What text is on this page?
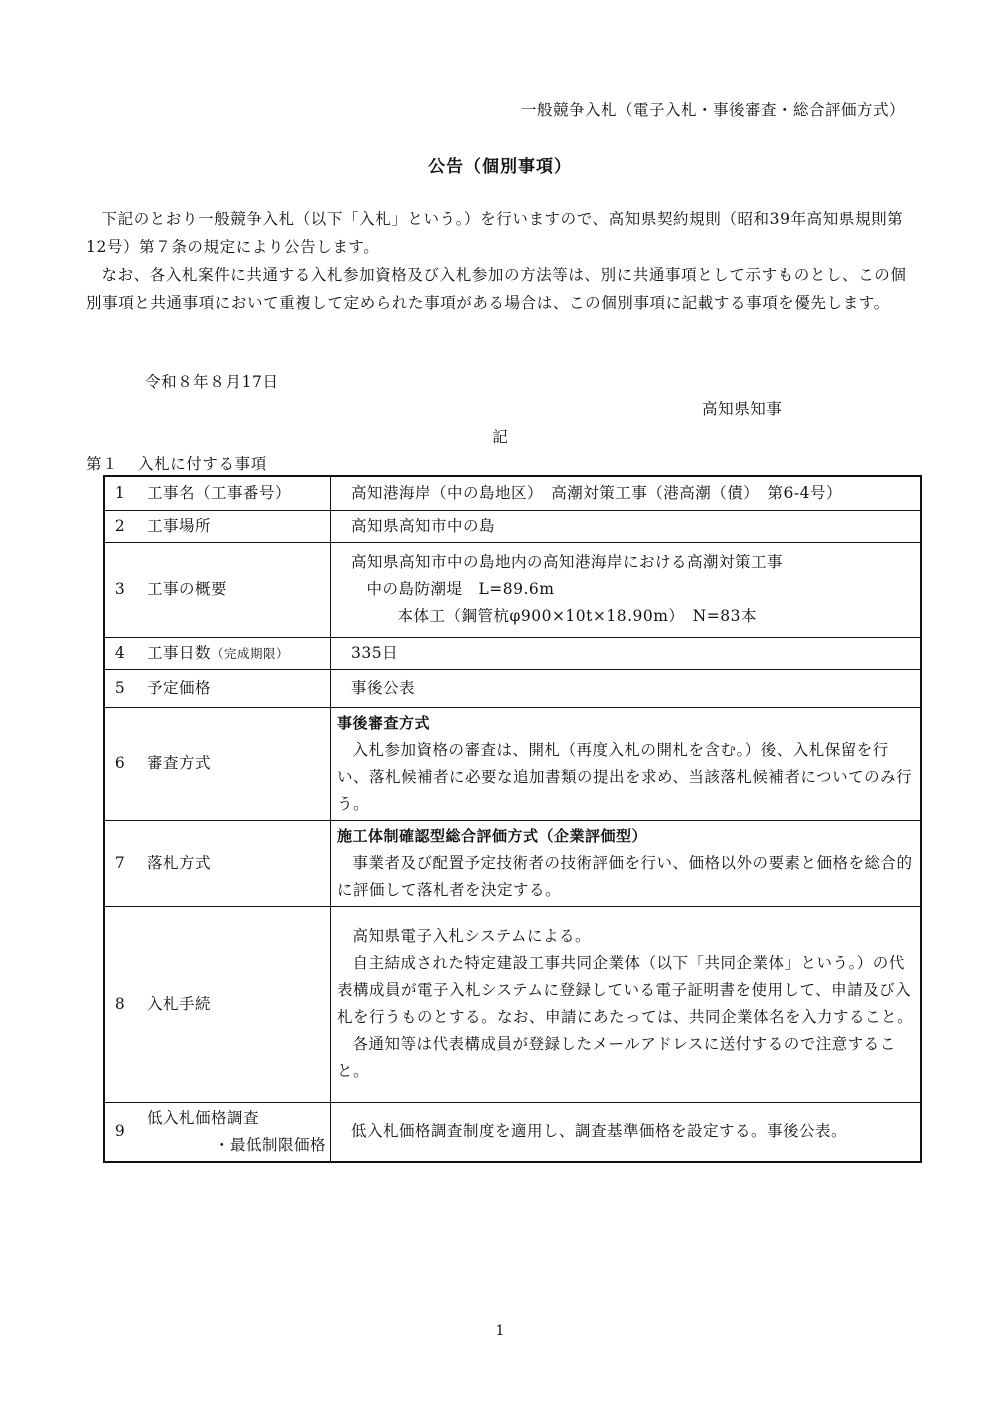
一般競争入札（電子入札・事後審査・総合評価方式）
公告（個別事項）

下記のとおり一般競争入札（以下「入札」という。）を行いますので、高知県契約規則（昭和39年高知県規則第12号）第７条の規定により公告します。

なお、各入札案件に共通する入札参加資格及び入札参加の方法等は、別に共通事項として示すものとし、この個別事項と共通事項において重複して定められた事項がある場合は、この個別事項に記載する事項を優先します。

令和８年８月17日
高知県知事
記
第１ 入札に付する事項
1	工事名（工事番号）	高知港海岸（中の島地区）　高潮対策工事（港高潮（債）　第6-4号）
2	工事場所	高知県高知市中の島
3	工事の概要	高知県高知市中の島地内の高知港海岸における高潮対策工事
中の島防潮堤　L=89.6m
本体工（鋼管杭φ900×10t×18.90m）　N=83本

4	工事日数（完成期限）	335日
5	予定価格	事後公表
6	審査方式	事後審査方式
入札参加資格の審査は、開札（再度入札の開札を含む。）後、入札保留を行い、落札候補者に必要な追加書類の提出を求め、当該落札候補者についてのみ行う。

7	落札方式	施工体制確認型総合評価方式（企業評価型）
事業者及び配置予定技術者の技術評価を行い、価格以外の要素と価格を総合的に評価して落札者を決定する。

8	入札手続	高知県電子入札システムによる。
自主結成された特定建設工事共同企業体（以下「共同企業体」という。）の代表構成員が電子入札システムに登録している電子証明書を使用して、申請及び入札を行うものとする。なお、申請にあたっては、共同企業体名を入力すること。
各通知等は代表構成員が登録したメールアドレスに送付するので注意すること。

9	低入札価格調査
・最低制限価格	低入札価格調査制度を適用し、調査基準価格を設定する。事後公表。
1
